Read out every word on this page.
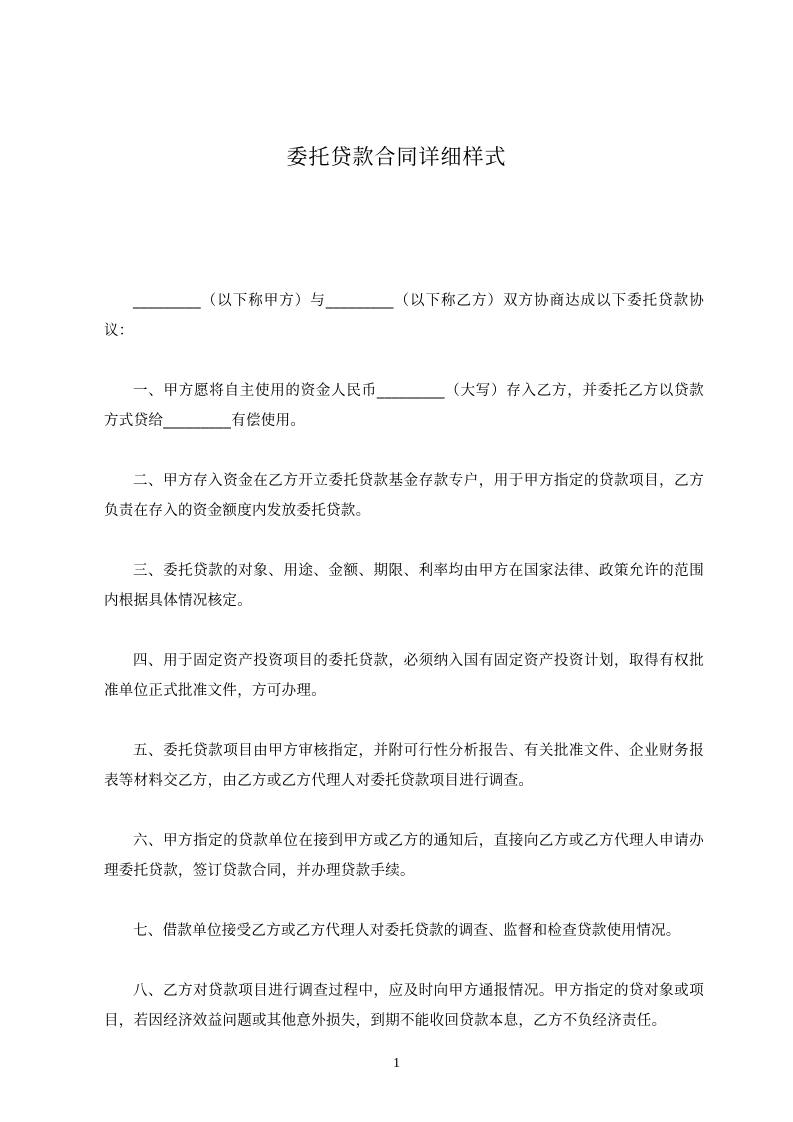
委托贷款合同详细样式

_________（以下称甲方）与_________（以下称乙方）双方协商达成以下委托贷款协议：

一、甲方愿将自主使用的资金人民币_________（大写）存入乙方，并委托乙方以贷款方式贷给_________有偿使用。

二、甲方存入资金在乙方开立委托贷款基金存款专户，用于甲方指定的贷款项目，乙方负责在存入的资金额度内发放委托贷款。

三、委托贷款的对象、用途、金额、期限、利率均由甲方在国家法律、政策允许的范围内根据具体情况核定。

四、用于固定资产投资项目的委托贷款，必须纳入国有固定资产投资计划，取得有权批准单位正式批准文件，方可办理。

五、委托贷款项目由甲方审核指定，并附可行性分析报告、有关批准文件、企业财务报表等材料交乙方，由乙方或乙方代理人对委托贷款项目进行调查。

六、甲方指定的贷款单位在接到甲方或乙方的通知后，直接向乙方或乙方代理人申请办理委托贷款，签订贷款合同，并办理贷款手续。

七、借款单位接受乙方或乙方代理人对委托贷款的调查、监督和检查贷款使用情况。

八、乙方对贷款项目进行调查过程中，应及时向甲方通报情况。甲方指定的贷对象或项目，若因经济效益问题或其他意外损失，到期不能收回贷款本息，乙方不负经济责任。

1
